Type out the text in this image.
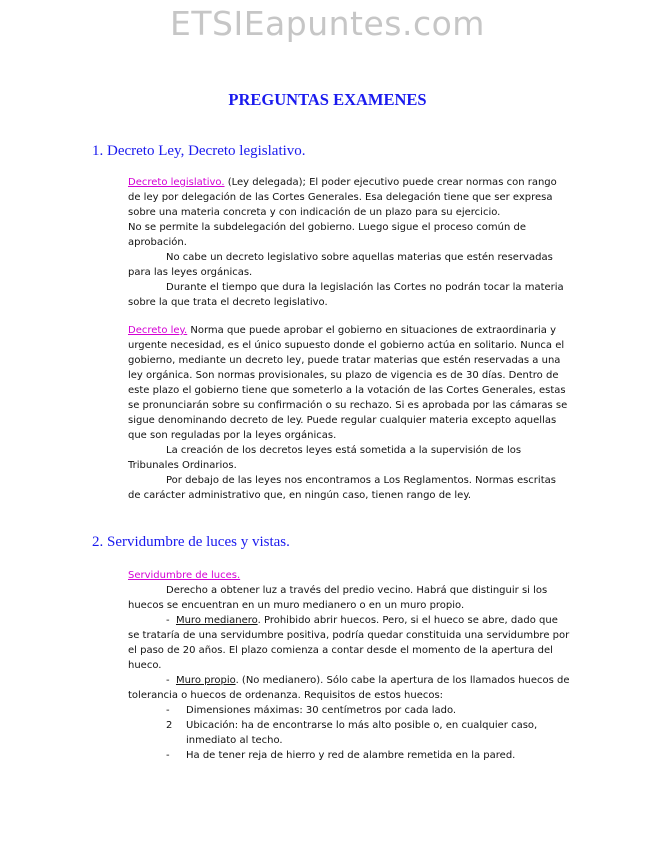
ETSIEapuntes.com
PREGUNTAS EXAMENES
1. Decreto Ley, Decreto legislativo.
Decreto legislativo. (Ley delegada); El poder ejecutivo puede crear normas con rango
de ley por delegación de las Cortes Generales. Esa delegación tiene que ser expresa
sobre una materia concreta y con indicación de un plazo para su ejercicio.
No se permite la subdelegación del gobierno. Luego sigue el proceso común de
aprobación.
No cabe un decreto legislativo sobre aquellas materias que estén reservadas
para las leyes orgánicas.
Durante el tiempo que dura la legislación las Cortes no podrán tocar la materia
sobre la que trata el decreto legislativo.
Decreto ley. Norma que puede aprobar el gobierno en situaciones de extraordinaria y
urgente necesidad, es el único supuesto donde el gobierno actúa en solitario. Nunca el
gobierno, mediante un decreto ley, puede tratar materias que estén reservadas a una
ley orgánica. Son normas provisionales, su plazo de vigencia es de 30 días. Dentro de
este plazo el gobierno tiene que someterlo a la votación de las Cortes Generales, estas
se pronunciarán sobre su confirmación o su rechazo. Si es aprobada por las cámaras se
sigue denominando decreto de ley. Puede regular cualquier materia excepto aquellas
que son reguladas por la leyes orgánicas.
La creación de los decretos leyes está sometida a la supervisión de los
Tribunales Ordinarios.
Por debajo de las leyes nos encontramos a Los Reglamentos. Normas escritas
de carácter administrativo que, en ningún caso, tienen rango de ley.
2. Servidumbre de luces y vistas.
Servidumbre de luces.
Derecho a obtener luz a través del predio vecino. Habrá que distinguir si los
huecos se encuentran en un muro medianero o en un muro propio.
- Muro medianero. Prohibido abrir huecos. Pero, si el hueco se abre, dado que
se trataría de una servidumbre positiva, podría quedar constituida una servidumbre por
el paso de 20 años. El plazo comienza a contar desde el momento de la apertura del
hueco.
- Muro propio. (No medianero). Sólo cabe la apertura de los llamados huecos de
tolerancia o huecos de ordenanza. Requisitos de estos huecos:
-	Dimensiones máximas: 30 centímetros por cada lado.
2	Ubicación: ha de encontrarse lo más alto posible o, en cualquier caso,
inmediato al techo.
-	Ha de tener reja de hierro y red de alambre remetida en la pared.
